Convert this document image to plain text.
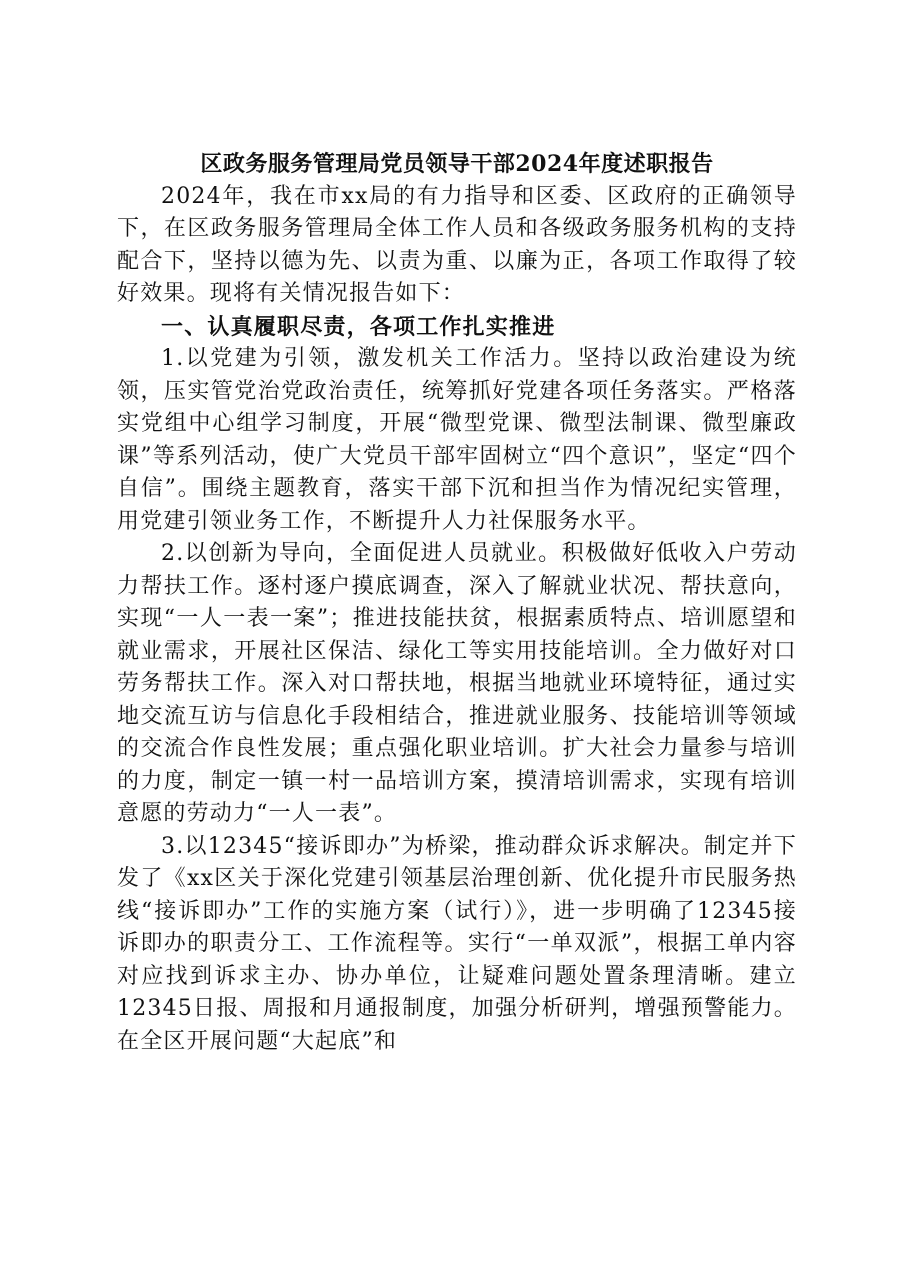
区政务服务管理局党员领导干部2024年度述职报告

2024年，我在市xx局的有力指导和区委、区政府的正确领导下，在区政务服务管理局全体工作人员和各级政务服务机构的支持配合下，坚持以德为先、以责为重、以廉为正，各项工作取得了较好效果。现将有关情况报告如下：

一、认真履职尽责，各项工作扎实推进

1.以党建为引领，激发机关工作活力。坚持以政治建设为统领，压实管党治党政治责任，统筹抓好党建各项任务落实。严格落实党组中心组学习制度，开展“微型党课、微型法制课、微型廉政课”等系列活动，使广大党员干部牢固树立“四个意识”，坚定“四个自信”。围绕主题教育，落实干部下沉和担当作为情况纪实管理，用党建引领业务工作，不断提升人力社保服务水平。

2.以创新为导向，全面促进人员就业。积极做好低收入户劳动力帮扶工作。逐村逐户摸底调查，深入了解就业状况、帮扶意向，实现“一人一表一案”；推进技能扶贫，根据素质特点、培训愿望和就业需求，开展社区保洁、绿化工等实用技能培训。全力做好对口劳务帮扶工作。深入对口帮扶地，根据当地就业环境特征，通过实地交流互访与信息化手段相结合，推进就业服务、技能培训等领域的交流合作良性发展；重点强化职业培训。扩大社会力量参与培训的力度，制定一镇一村一品培训方案，摸清培训需求，实现有培训意愿的劳动力“一人一表”。

3.以12345“接诉即办”为桥梁，推动群众诉求解决。制定并下发了《xx区关于深化党建引领基层治理创新、优化提升市民服务热线“接诉即办”工作的实施方案（试行）》，进一步明确了12345接诉即办的职责分工、工作流程等。实行“一单双派”，根据工单内容对应找到诉求主办、协办单位，让疑难问题处置条理清晰。建立12345日报、周报和月通报制度，加强分析研判，增强预警能力。在全区开展问题“大起底”和
